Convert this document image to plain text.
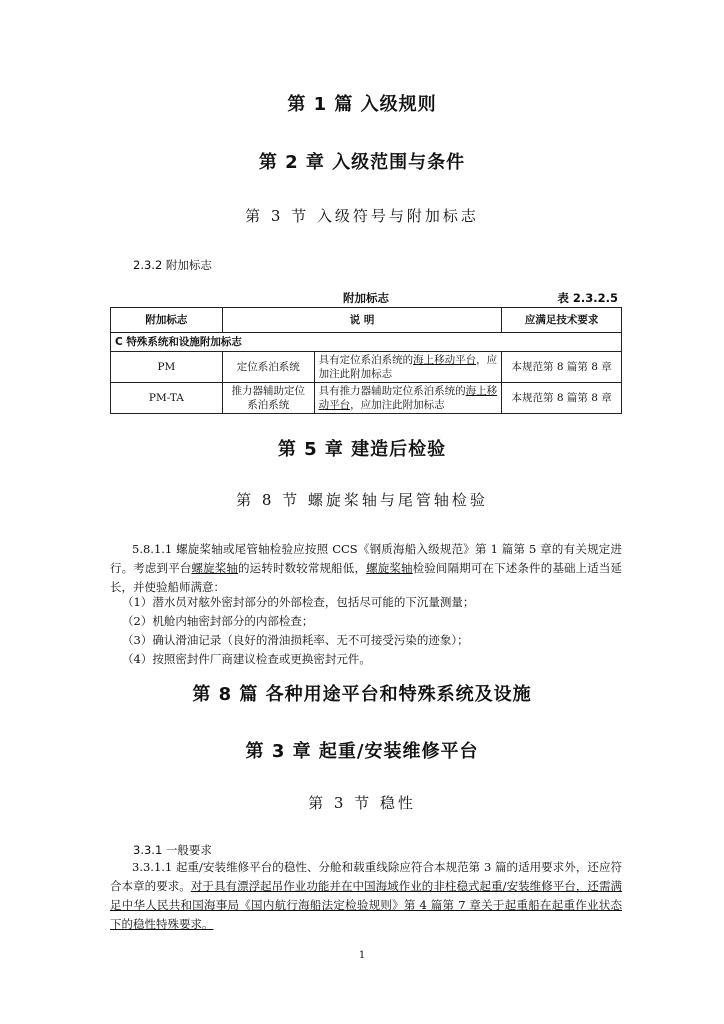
第 1 篇 入级规则
第 2 章 入级范围与条件
第 3 节 入级符号与附加标志
2.3.2 附加标志
附加标志	表 2.3.2.5
附加标志	说 明		应满足技术要求
C 特殊系统和设施附加标志			
PM	定位系泊系统	具有定位系泊系统的海上移动平台，应加注此附加标志	本规范第 8 篇第 8 章
PM-TA	推力器辅助定位系泊系统	具有推力器辅助定位系泊系统的海上移动平台，应加注此附加标志	本规范第 8 篇第 8 章
第 5 章 建造后检验
第 8 节 螺旋桨轴与尾管轴检验
5.8.1.1 螺旋桨轴或尾管轴检验应按照 CCS《钢质海船入级规范》第 1 篇第 5 章的有关规定进行。考虑到平台螺旋桨轴的运转时数较常规船低，螺旋桨轴检验间隔期可在下述条件的基础上适当延长，并使验船师满意：
（1）潜水员对舷外密封部分的外部检查，包括尽可能的下沉量测量；
（2）机舱内轴密封部分的内部检查；
（3）确认滑油记录（良好的滑油损耗率、无不可接受污染的迹象）；
（4）按照密封件厂商建议检查或更换密封元件。
第 8 篇 各种用途平台和特殊系统及设施
第 3 章 起重/安装维修平台
第 3 节 稳性
3.3.1 一般要求
3.3.1.1 起重/安装维修平台的稳性、分舱和载重线除应符合本规范第 3 篇的适用要求外，还应符合本章的要求。对于具有漂浮起吊作业功能并在中国海域作业的非柱稳式起重/安装维修平台，还需满足中华人民共和国海事局《国内航行海船法定检验规则》第 4 篇第 7 章关于起重船在起重作业状态下的稳性特殊要求。
1
